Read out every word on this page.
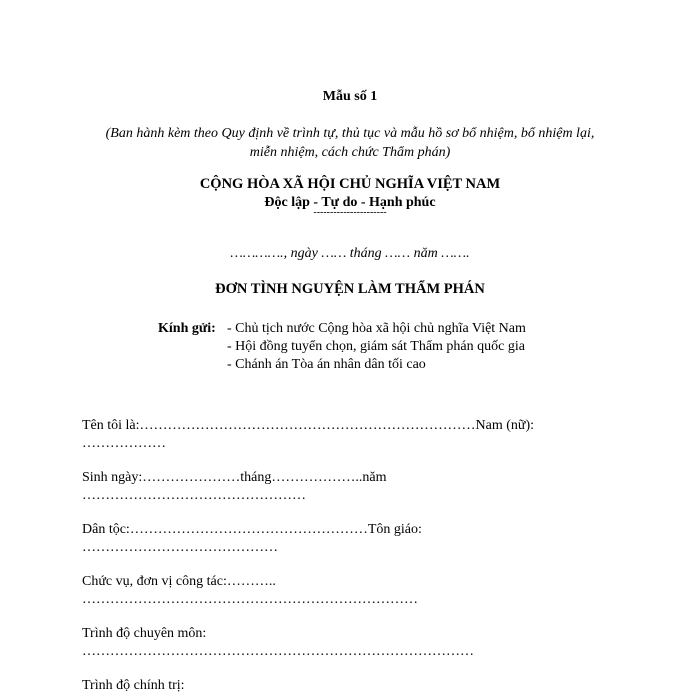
Mẫu số 1
(Ban hành kèm theo Quy định về trình tự, thủ tục và mẫu hồ sơ bổ nhiệm, bổ nhiệm lại,
miễn nhiệm, cách chức Thẩm phán)
CỘNG HÒA XÃ HỘI CHỦ NGHĨA VIỆT NAM
Độc lập - Tự do - Hạnh phúc
----------------------
…………., ngày …… tháng …… năm …….
ĐƠN TÌNH NGUYỆN LÀM THẨM PHÁN
Kính gửi: - Chủ tịch nước Cộng hòa xã hội chủ nghĩa Việt Nam
- Hội đồng tuyển chọn, giám sát Thẩm phán quốc gia
- Chánh án Tòa án nhân dân tối cao
Tên tôi là:………………………………………………………………Nam (nữ):
………………
Sinh ngày:…………………tháng………………..năm
…………………………………………
Dân tộc:……………………………………………Tôn giáo:
……………………………………
Chức vụ, đơn vị công tác:………..
………………………………………………………………
Trình độ chuyên môn:
…………………………………………………………………………
Trình độ chính trị:
